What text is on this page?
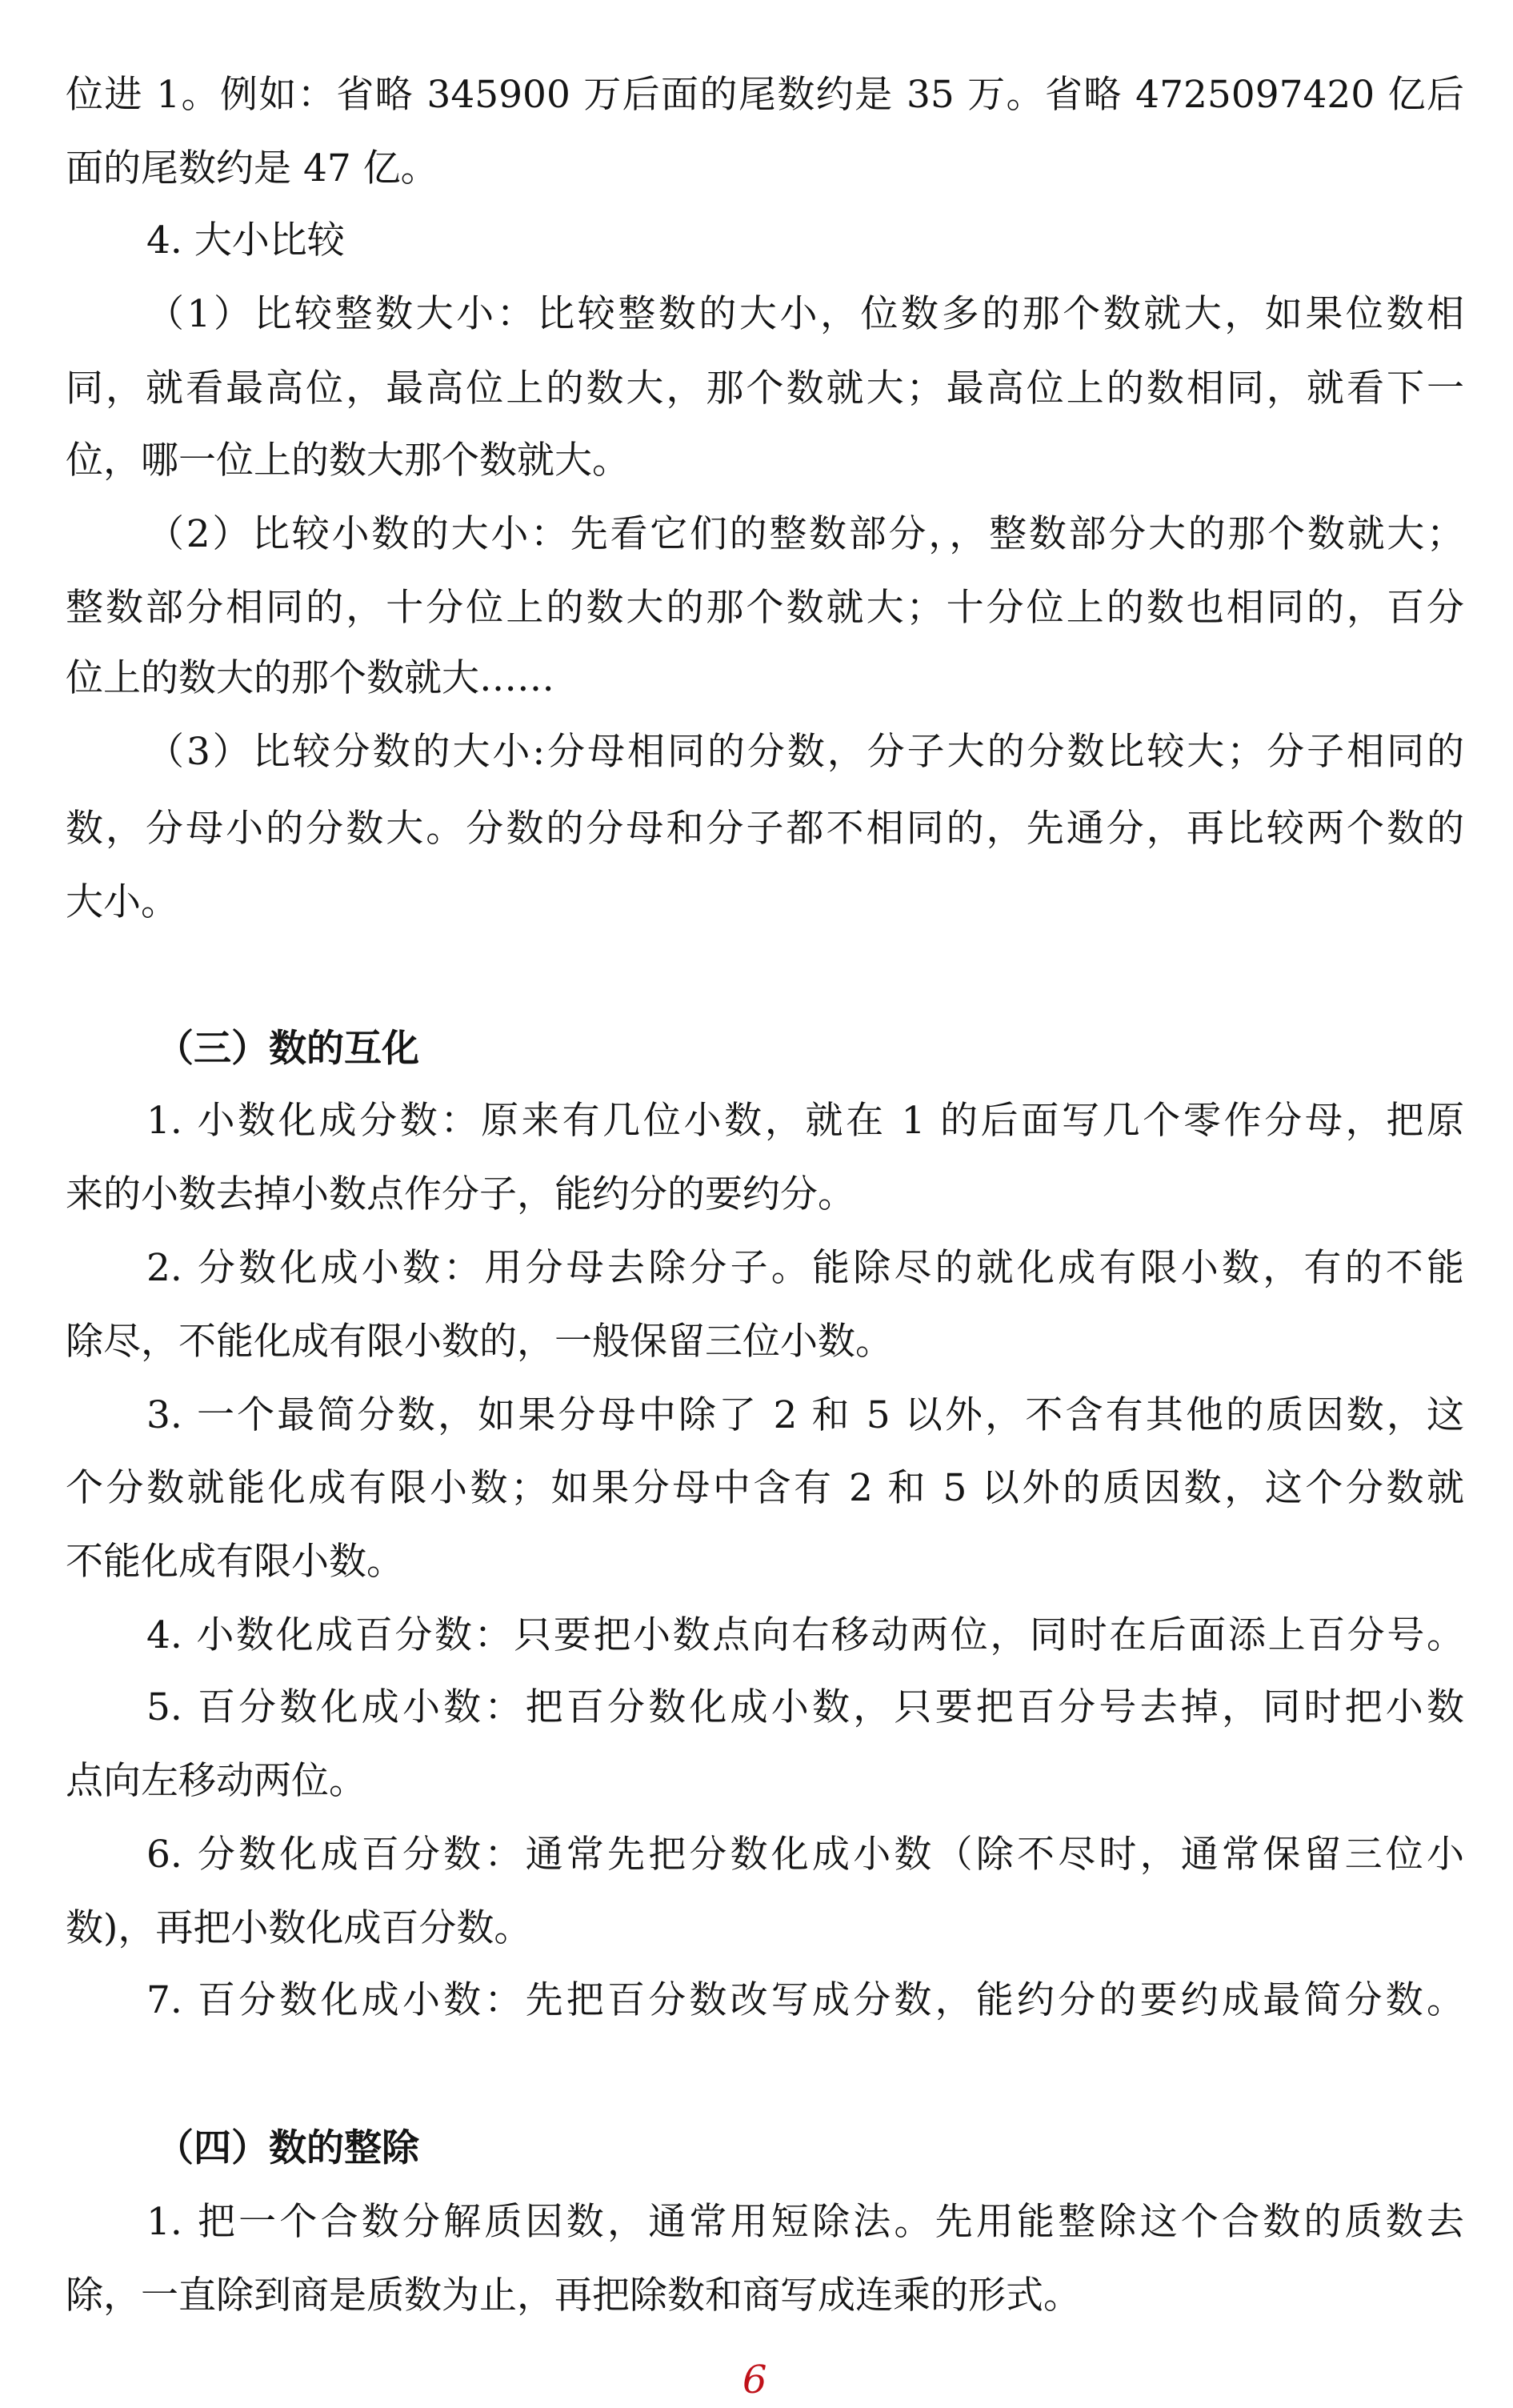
位进 1。例如：省略 345900 万后面的尾数约是 35 万。省略 4725097420 亿后
面的尾数约是 47 亿。
4. 大小比较
（1）比较整数大小：比较整数的大小，位数多的那个数就大，如果位数相
同，就看最高位，最高位上的数大，那个数就大；最高位上的数相同，就看下一
位，哪一位上的数大那个数就大。
（2）比较小数的大小：先看它们的整数部分，，整数部分大的那个数就大；
整数部分相同的，十分位上的数大的那个数就大；十分位上的数也相同的，百分
位上的数大的那个数就大……
（3）比较分数的大小:分母相同的分数，分子大的分数比较大；分子相同的
数，分母小的分数大。分数的分母和分子都不相同的，先通分，再比较两个数的
大小。
（三）数的互化
1. 小数化成分数：原来有几位小数，就在 1 的后面写几个零作分母，把原
来的小数去掉小数点作分子，能约分的要约分。
2. 分数化成小数：用分母去除分子。能除尽的就化成有限小数，有的不能
除尽，不能化成有限小数的，一般保留三位小数。
3. 一个最简分数，如果分母中除了 2 和 5 以外，不含有其他的质因数，这
个分数就能化成有限小数；如果分母中含有 2 和 5 以外的质因数，这个分数就
不能化成有限小数。
4. 小数化成百分数：只要把小数点向右移动两位，同时在后面添上百分号。
5. 百分数化成小数：把百分数化成小数，只要把百分号去掉，同时把小数
点向左移动两位。
6. 分数化成百分数：通常先把分数化成小数（除不尽时，通常保留三位小
数)，再把小数化成百分数。
7. 百分数化成小数：先把百分数改写成分数，能约分的要约成最简分数。
（四）数的整除
1. 把一个合数分解质因数，通常用短除法。先用能整除这个合数的质数去
除，一直除到商是质数为止，再把除数和商写成连乘的形式。
6
